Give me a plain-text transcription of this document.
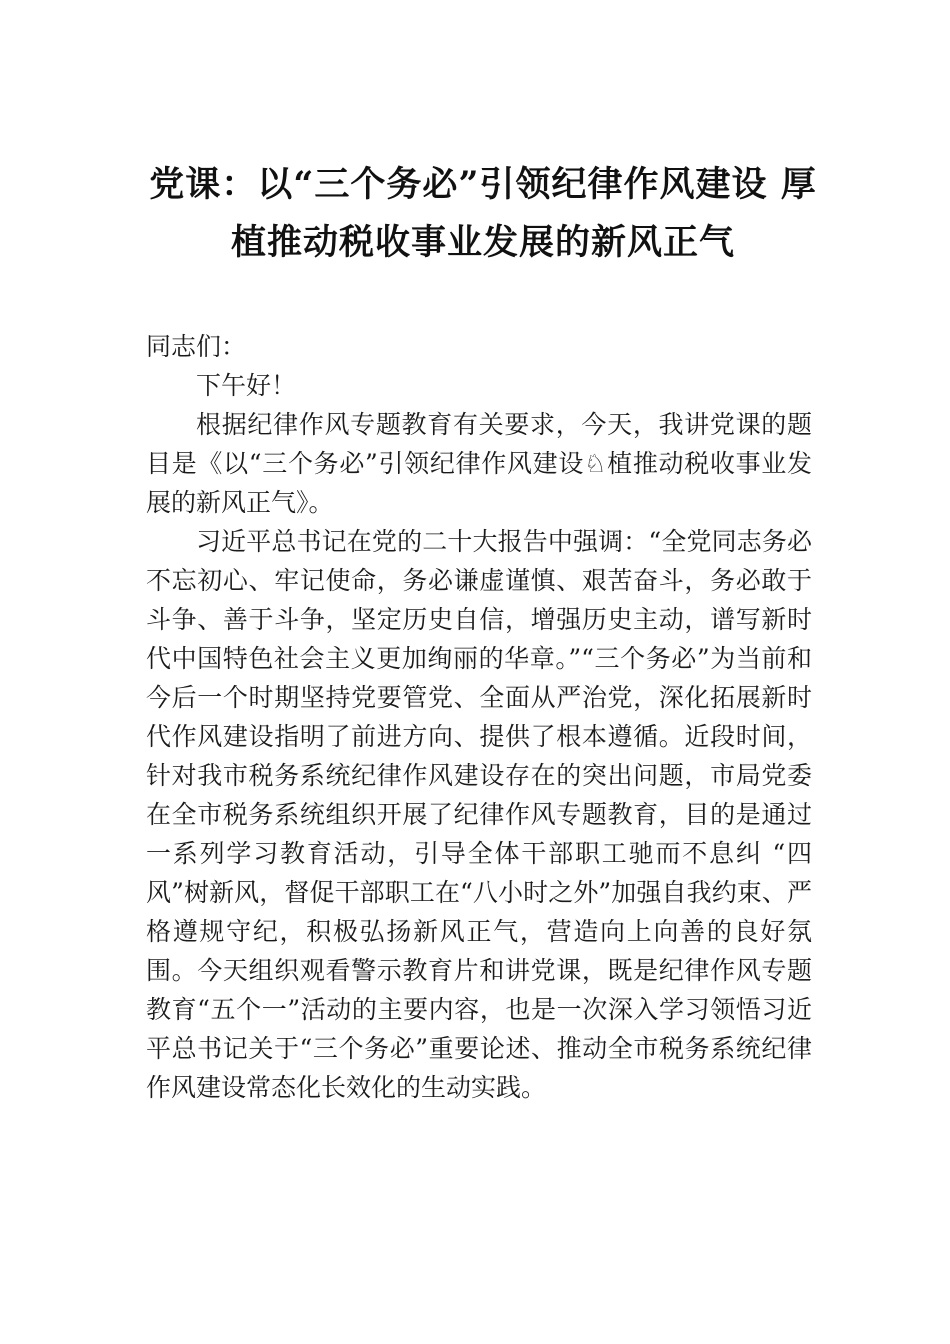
党课：以“三个务必”引领纪律作风建设 厚植推动税收事业发展的新风正气

同志们：

下午好！

根据纪律作风专题教育有关要求，今天，我讲党课的题目是《以“三个务必”引领纪律作风建设♘植推动税收事业发展的新风正气》。

习近平总书记在党的二十大报告中强调：“全党同志务必不忘初心、牢记使命，务必谦虚谨慎、艰苦奋斗，务必敢于斗争、善于斗争，坚定历史自信，增强历史主动，谱写新时代中国特色社会主义更加绚丽的华章。”“三个务必”为当前和今后一个时期坚持党要管党、全面从严治党，深化拓展新时代作风建设指明了前进方向、提供了根本遵循。近段时间，针对我市税务系统纪律作风建设存在的突出问题，市局党委在全市税务系统组织开展了纪律作风专题教育，目的是通过一系列学习教育活动，引导全体干部职工驰而不息纠 “四风”树新风，督促干部职工在“八小时之外”加强自我约束、严格遵规守纪，积极弘扬新风正气，营造向上向善的良好氛围。今天组织观看警示教育片和讲党课，既是纪律作风专题教育“五个一”活动的主要内容，也是一次深入学习领悟习近平总书记关于“三个务必”重要论述、推动全市税务系统纪律作风建设常态化长效化的生动实践。
